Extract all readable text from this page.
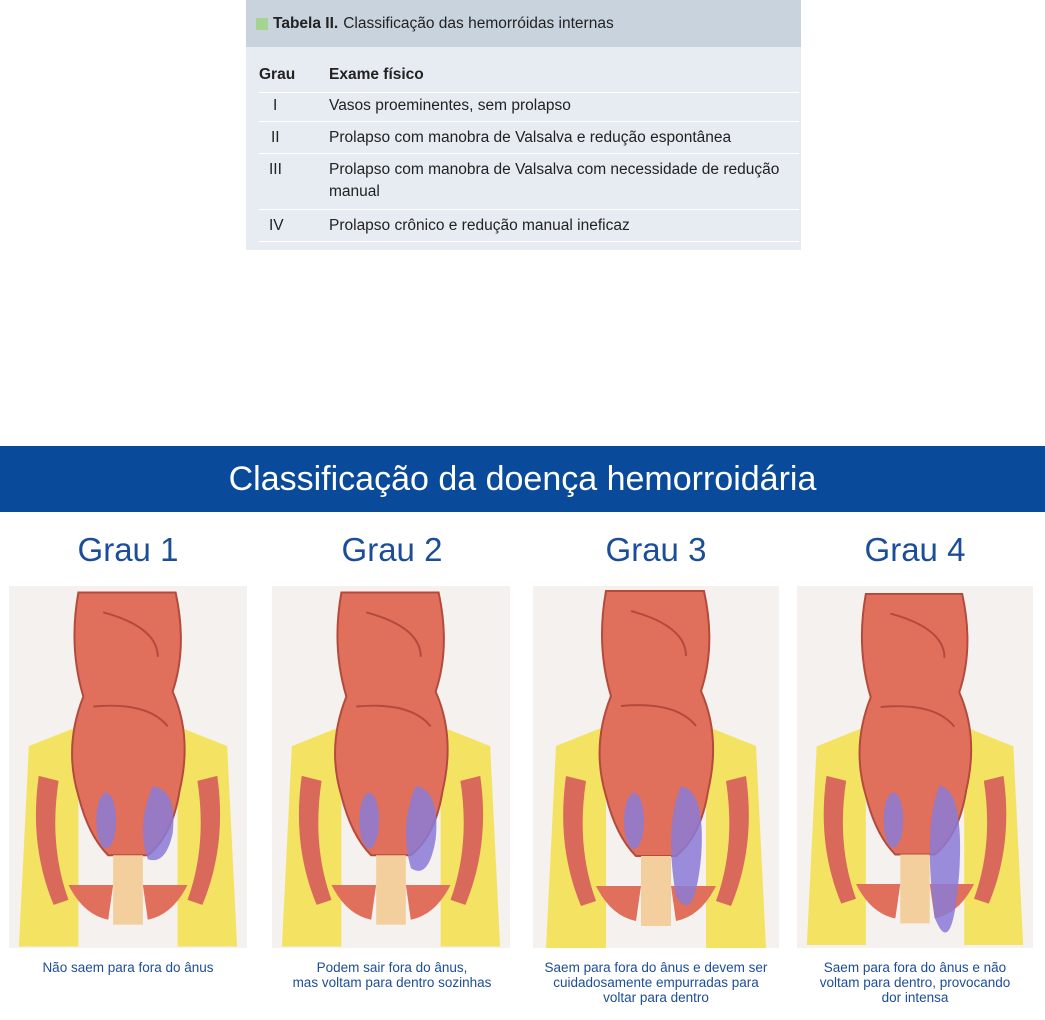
Tabela II. Classificação das hemorróidas internas
Grau	Exame físico
I	Vasos proeminentes, sem prolapso
II	Prolapso com manobra de Valsalva e redução espontânea
III	Prolapso com manobra de Valsalva com necessidade de redução manual
IV	Prolapso crônico e redução manual ineficaz
Classificação da doença hemorroidária
Grau 1
Não saem para fora do ânus
Grau 2
Podem sair fora do ânus,
mas voltam para dentro sozinhas
Grau 3
Saem para fora do ânus e devem ser
cuidadosamente empurradas para
voltar para dentro
Grau 4
Saem para fora do ânus e não
voltam para dentro, provocando
dor intensa
